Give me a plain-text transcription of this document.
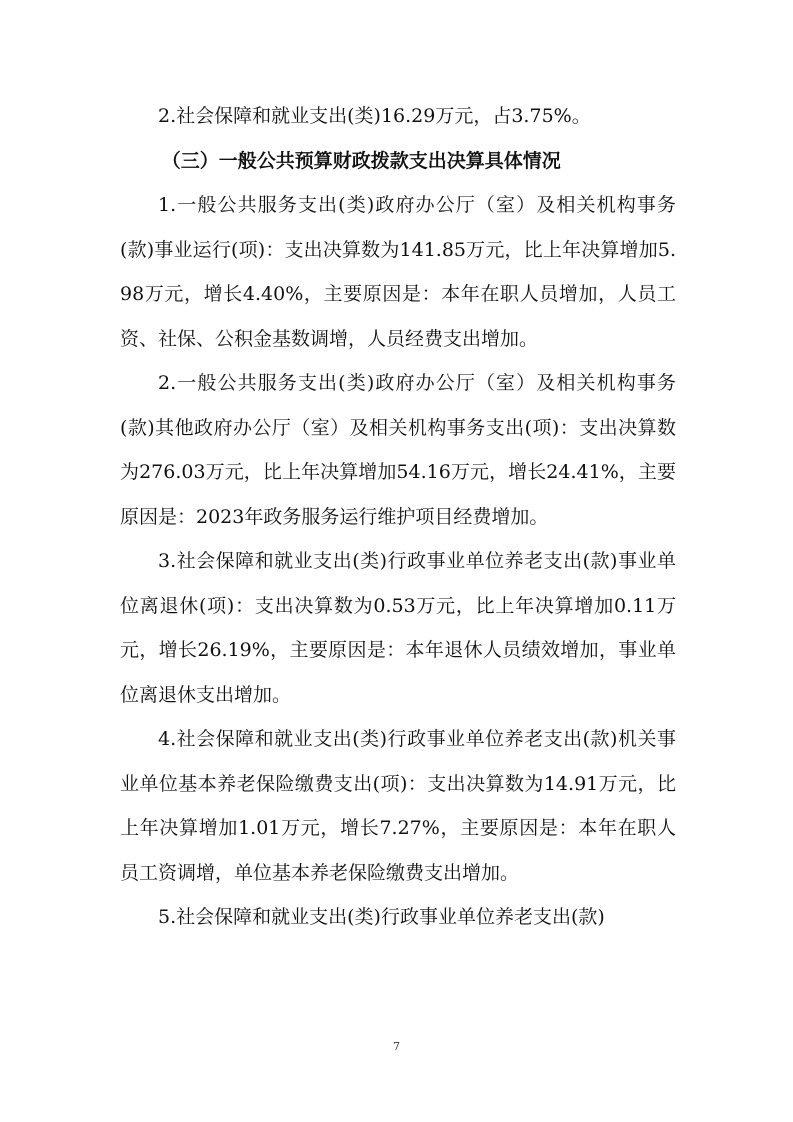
2.社会保障和就业支出(类)16.29万元，占3.75%。

（三）一般公共预算财政拨款支出决算具体情况

1.一般公共服务支出(类)政府办公厅（室）及相关机构事务(款)事业运行(项)：支出决算数为141.85万元，比上年决算增加5.98万元，增长4.40%，主要原因是：本年在职人员增加，人员工资、社保、公积金基数调增，人员经费支出增加。

2.一般公共服务支出(类)政府办公厅（室）及相关机构事务(款)其他政府办公厅（室）及相关机构事务支出(项)：支出决算数为276.03万元，比上年决算增加54.16万元，增长24.41%，主要原因是：2023年政务服务运行维护项目经费增加。

3.社会保障和就业支出(类)行政事业单位养老支出(款)事业单位离退休(项)：支出决算数为0.53万元，比上年决算增加0.11万元，增长26.19%，主要原因是：本年退休人员绩效增加，事业单位离退休支出增加。

4.社会保障和就业支出(类)行政事业单位养老支出(款)机关事业单位基本养老保险缴费支出(项)：支出决算数为14.91万元，比上年决算增加1.01万元，增长7.27%，主要原因是：本年在职人员工资调增，单位基本养老保险缴费支出增加。

5.社会保障和就业支出(类)行政事业单位养老支出(款)

7
